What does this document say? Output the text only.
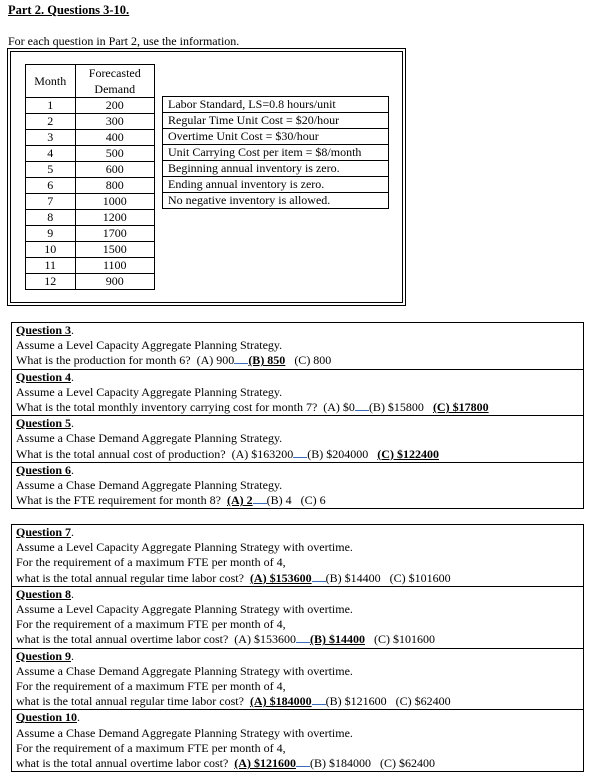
Part 2. Questions 3-10.
For each question in Part 2, use the information.
Month	Forecasted
Demand
1	200
2	300
3	400
4	500
5	600
6	800
7	1000
8	1200
9	1700
10	1500
11	1100
12	900
Labor Standard, LS=0.8 hours/unit
Regular Time Unit Cost = $20/hour
Overtime Unit Cost = $30/hour
Unit Carrying Cost per item = $8/month
Beginning annual inventory is zero.
Ending annual inventory is zero.
No negative inventory is allowed.
Question 3.
Assume a Level Capacity Aggregate Planning Strategy.
What is the production for month 6? (A) 900 (B) 850 (C) 800
Question 4.
Assume a Level Capacity Aggregate Planning Strategy.
What is the total monthly inventory carrying cost for month 7? (A) $0 (B) $15800 (C) $17800
Question 5.
Assume a Chase Demand Aggregate Planning Strategy.
What is the total annual cost of production? (A) $163200 (B) $204000 (C) $122400
Question 6.
Assume a Chase Demand Aggregate Planning Strategy.
What is the FTE requirement for month 8? (A) 2 (B) 4 (C) 6
Question 7.
Assume a Level Capacity Aggregate Planning Strategy with overtime.
For the requirement of a maximum FTE per month of 4,
what is the total annual regular time labor cost? (A) $153600 (B) $14400 (C) $101600
Question 8.
Assume a Level Capacity Aggregate Planning Strategy with overtime.
For the requirement of a maximum FTE per month of 4,
what is the total annual overtime labor cost? (A) $153600 (B) $14400 (C) $101600
Question 9.
Assume a Chase Demand Aggregate Planning Strategy with overtime.
For the requirement of a maximum FTE per month of 4,
what is the total annual regular time labor cost? (A) $184000 (B) $121600 (C) $62400
Question 10.
Assume a Chase Demand Aggregate Planning Strategy with overtime.
For the requirement of a maximum FTE per month of 4,
what is the total annual overtime labor cost? (A) $121600 (B) $184000 (C) $62400
